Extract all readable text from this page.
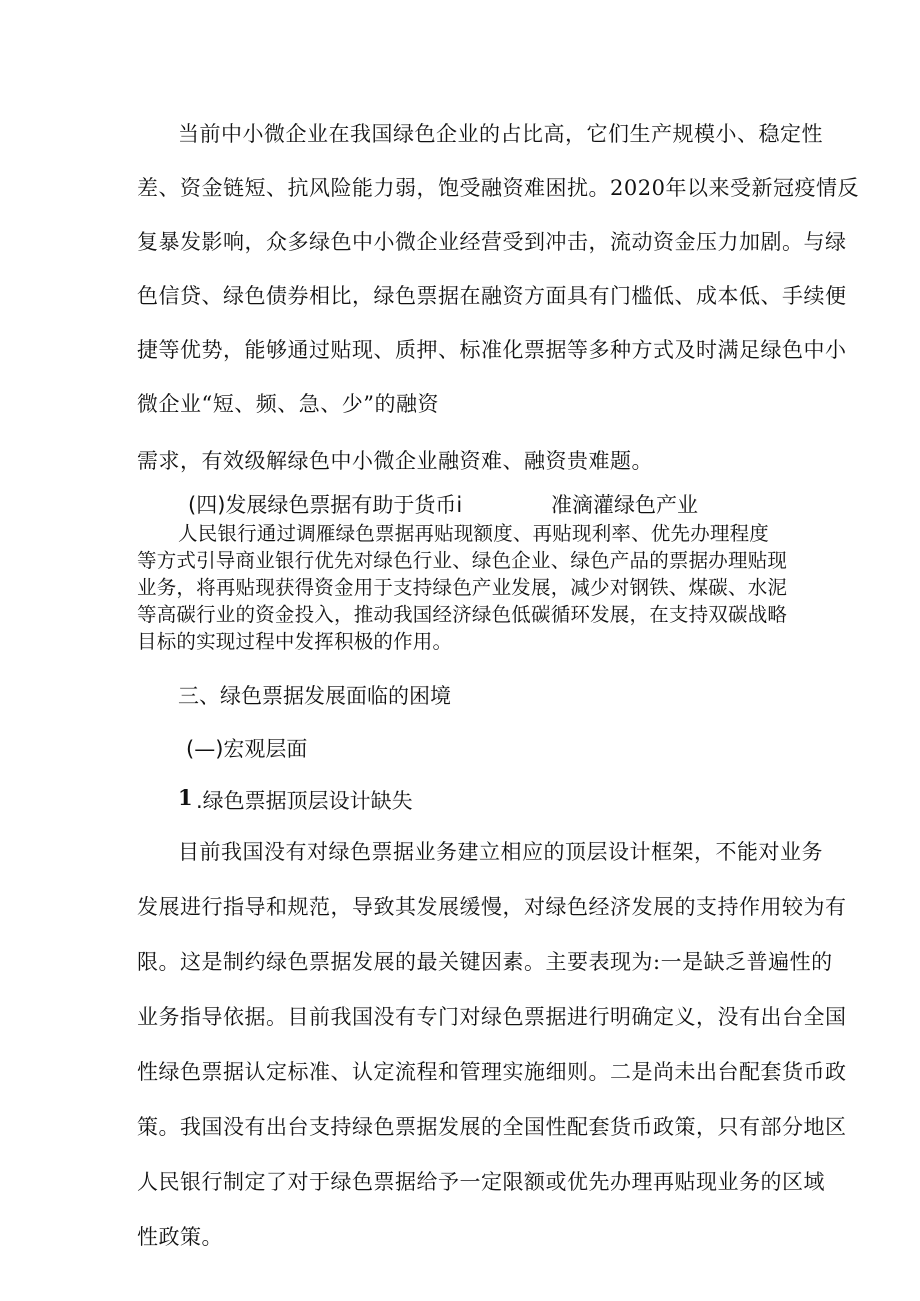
当前中小微企业在我国绿色企业的占比高，它们生产规模小、稳定性
差、资金链短、抗风险能力弱，饱受融资难困扰。2020年以来受新冠疫情反
复暴发影响，众多绿色中小微企业经营受到冲击，流动资金压力加剧。与绿
色信贷、绿色债券相比，绿色票据在融资方面具有门槛低、成本低、手续便
捷等优势，能够通过贴现、质押、标准化票据等多种方式及时满足绿色中小
微企业“短、频、急、少”的融资
需求，有效级解绿色中小微企业融资难、融资贵难题。
(四)发展绿色票据有助于货币i	准滴灌绿色产业
人民银行通过调雁绿色票据再贴现额度、再贴现利率、优先办理程度
等方式引导商业银行优先对绿色行业、绿色企业、绿色产品的票据办理贴现
业务，将再贴现获得资金用于支持绿色产业发展，减少对钢铁、煤碳、水泥
等高碳行业的资金投入，推动我国经济绿色低碳循环发展，在支持双碳战略
目标的实现过程中发挥积极的作用。
三、绿色票据发展面临的困境
(—)宏观层面
1 .绿色票据顶层设计缺失
目前我国没有对绿色票据业务建立相应的顶层设计框架，不能对业务
发展进行指导和规范，导致其发展缓慢，对绿色经济发展的支持作用较为有
限。这是制约绿色票据发展的最关键因素。主要表现为:一是缺乏普遍性的
业务指导依据。目前我国没有专门对绿色票据进行明确定义，没有出台全国
性绿色票据认定标准、认定流程和管理实施细则。二是尚未出台配套货币政
策。我国没有出台支持绿色票据发展的全国性配套货币政策，只有部分地区
人民银行制定了对于绿色票据给予一定限额或优先办理再贴现业务的区域
性政策。
